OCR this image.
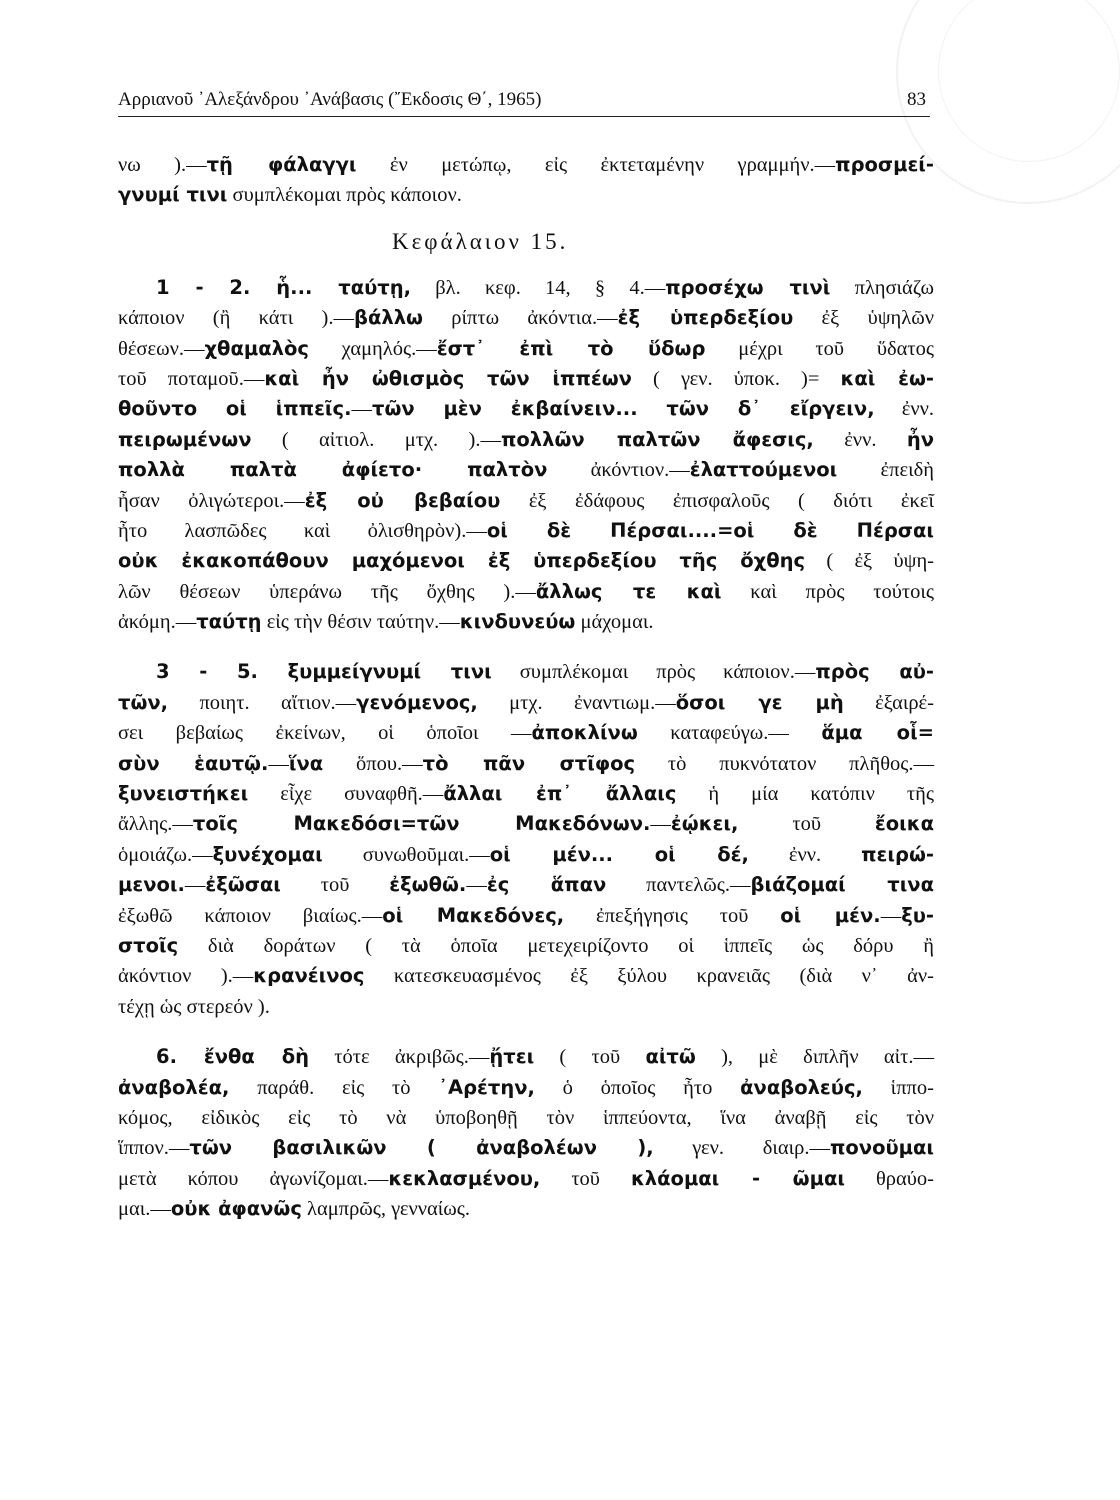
Αρριανοῦ ᾿Αλεξάνδρου ᾿Ανάβασις (῎Εκδοσις Θ΄, 1965)	83
νω ).—τῇ φάλαγγι ἐν μετώπῳ, εἰς ἐκτεταμένην γραμμήν.—προσμεί-
γνυμί τινι συμπλέκομαι πρὸς κάποιον.
Κεφάλαιον 15.
1 - 2. ἧ... ταύτῃ, βλ. κεφ. 14, § 4.—προσέχω τινὶ πλησιάζω
κάποιον (ἢ κάτι ).—βάλλω ρίπτω ἀκόντια.—ἐξ ὑπερδεξίου ἐξ ὑψηλῶν
θέσεων.—χθαμαλὸς χαμηλός.—ἔστ᾿ ἐπὶ τὸ ὕδωρ μέχρι τοῦ ὕδατος
τοῦ ποταμοῦ.—καὶ ἦν ὠθισμὸς τῶν ἱππέων ( γεν. ὑποκ. )= καὶ ἐω-
θοῦντο οἱ ἱππεῖς.—τῶν μὲν ἐκβαίνειν... τῶν δ᾿ εἴργειν, ἐνν.
πειρωμένων ( αἰτιολ. μτχ. ).—πολλῶν παλτῶν ἄφεσις, ἐνν. ἦν
πολλὰ παλτὰ ἀφίετο· παλτὸν ἀκόντιον.—ἐλαττούμενοι ἐπειδὴ
ἦσαν ὀλιγώτεροι.—ἐξ οὐ βεβαίου ἐξ ἐδάφους ἐπισφαλοῦς ( διότι ἐκεῖ
ἦτο λασπῶδες καὶ ὀλισθηρὸν).—οἱ δὲ Πέρσαι....=οἱ δὲ Πέρσαι
οὐκ ἐκακοπάθουν μαχόμενοι ἐξ ὑπερδεξίου τῆς ὄχθης ( ἐξ ὑψη-
λῶν θέσεων ὑπεράνω τῆς ὄχθης ).—ἄλλως τε καὶ καὶ πρὸς τούτοις
ἀκόμη.—ταύτῃ εἰς τὴν θέσιν ταύτην.—κινδυνεύω μάχομαι.
3 - 5. ξυμμείγνυμί τινι συμπλέκομαι πρὸς κάποιον.—πρὸς αὐ-
τῶν, ποιητ. αἴτιον.—γενόμενος, μτχ. ἐναντιωμ.—ὅσοι γε μὴ ἐξαιρέ-
σει βεβαίως ἐκείνων, οἱ ὁποῖοι —ἀποκλίνω καταφεύγω.— ἅμα οἷ=
σὺν ἑαυτῷ.—ἵνα ὅπου.—τὸ πᾶν στῖφος τὸ πυκνότατον πλῆθος.—
ξυνειστήκει εἶχε συναφθῆ.—ἄλλαι ἐπ᾿ ἄλλαις ἡ μία κατόπιν τῆς
ἄλλης.—τοῖς Μακεδόσι=τῶν Μακεδόνων.—ἐῴκει, τοῦ ἔοικα
ὁμοιάζω.—ξυνέχομαι συνωθοῦμαι.—οἱ μέν... οἱ δέ, ἐνν. πειρώ-
μενοι.—ἐξῶσαι τοῦ ἐξωθῶ.—ἐς ἅπαν παντελῶς.—βιάζομαί τινα
ἐξωθῶ κάποιον βιαίως.—οἱ Μακεδόνες, ἐπεξήγησις τοῦ οἱ μέν.—ξυ-
στοῖς διὰ δοράτων ( τὰ ὁποῖα μετεχειρίζοντο οἱ ἱππεῖς ὡς δόρυ ἢ
ἀκόντιον ).—κρανέινος κατεσκευασμένος ἐξ ξύλου κρανειᾶς (διὰ ν᾿ ἀν-
τέχῃ ὡς στερεόν ).
6. ἔνθα δὴ τότε ἀκριβῶς.—ᾔτει ( τοῦ αἰτῶ ), μὲ διπλῆν αἰτ.—
ἀναβολέα, παράθ. εἰς τὸ ᾿Αρέτην, ὁ ὁποῖος ἦτο ἀναβολεύς, ἱππο-
κόμος, εἰδικὸς εἰς τὸ νὰ ὑποβοηθῇ τὸν ἱππεύοντα, ἵνα ἀναβῇ εἰς τὸν
ἵππον.—τῶν βασιλικῶν ( ἀναβολέων ), γεν. διαιρ.—πονοῦμαι
μετὰ κόπου ἀγωνίζομαι.—κεκλασμένου, τοῦ κλάομαι - ῶμαι θραύο-
μαι.—οὐκ ἀφανῶς λαμπρῶς, γενναίως.
